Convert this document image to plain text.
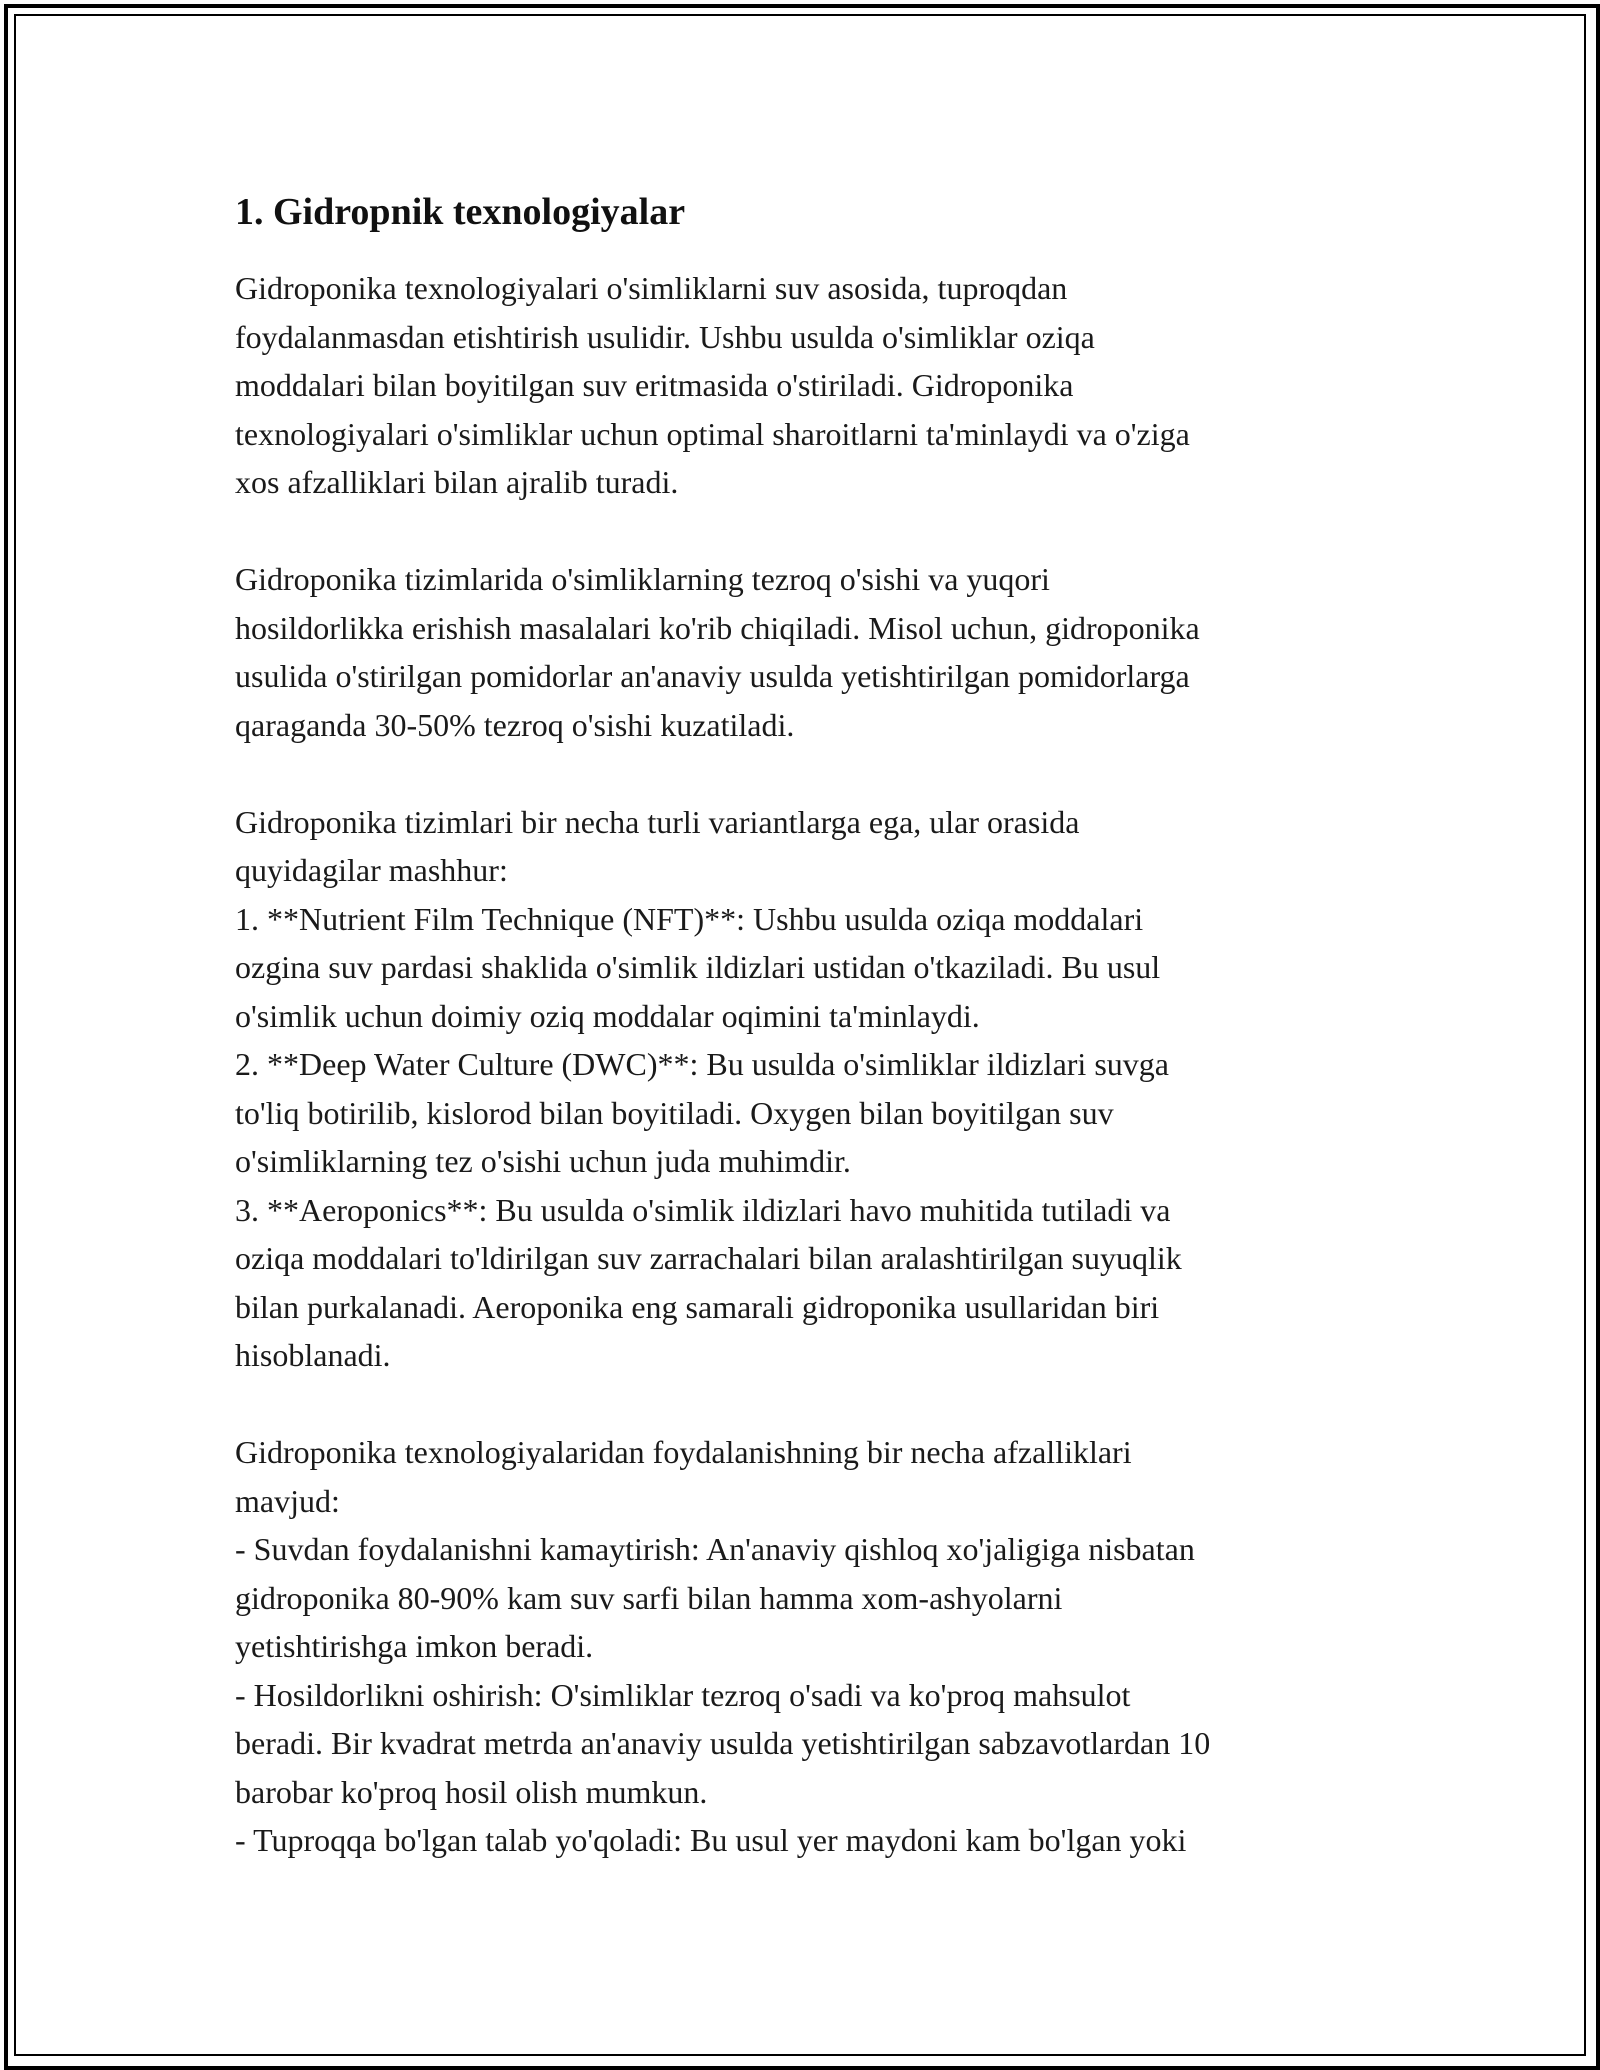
1. Gidropnik texnologiyalar

Gidroponika texnologiyalari o'simliklarni suv asosida, tuproqdan
foydalanmasdan etishtirish usulidir. Ushbu usulda o'simliklar oziqa
moddalari bilan boyitilgan suv eritmasida o'stiriladi. Gidroponika
texnologiyalari o'simliklar uchun optimal sharoitlarni ta'minlaydi va o'ziga
xos afzalliklari bilan ajralib turadi.

Gidroponika tizimlarida o'simliklarning tezroq o'sishi va yuqori
hosildorlikka erishish masalalari ko'rib chiqiladi. Misol uchun, gidroponika
usulida o'stirilgan pomidorlar an'anaviy usulda yetishtirilgan pomidorlarga
qaraganda 30-50% tezroq o'sishi kuzatiladi.

Gidroponika tizimlari bir necha turli variantlarga ega, ular orasida
quyidagilar mashhur:
1. **Nutrient Film Technique (NFT)**: Ushbu usulda oziqa moddalari
ozgina suv pardasi shaklida o'simlik ildizlari ustidan o'tkaziladi. Bu usul
o'simlik uchun doimiy oziq moddalar oqimini ta'minlaydi.
2. **Deep Water Culture (DWC)**: Bu usulda o'simliklar ildizlari suvga
to'liq botirilib, kislorod bilan boyitiladi. Oxygen bilan boyitilgan suv
o'simliklarning tez o'sishi uchun juda muhimdir.
3. **Aeroponics**: Bu usulda o'simlik ildizlari havo muhitida tutiladi va
oziqa moddalari to'ldirilgan suv zarrachalari bilan aralashtirilgan suyuqlik
bilan purkalanadi. Aeroponika eng samarali gidroponika usullaridan biri
hisoblanadi.

Gidroponika texnologiyalaridan foydalanishning bir necha afzalliklari
mavjud:
- Suvdan foydalanishni kamaytirish: An'anaviy qishloq xo'jaligiga nisbatan
gidroponika 80-90% kam suv sarfi bilan hamma xom-ashyolarni
yetishtirishga imkon beradi.
- Hosildorlikni oshirish: O'simliklar tezroq o'sadi va ko'proq mahsulot
beradi. Bir kvadrat metrda an'anaviy usulda yetishtirilgan sabzavotlardan 10
barobar ko'proq hosil olish mumkun.
- Tuproqqa bo'lgan talab yo'qoladi: Bu usul yer maydoni kam bo'lgan yoki
